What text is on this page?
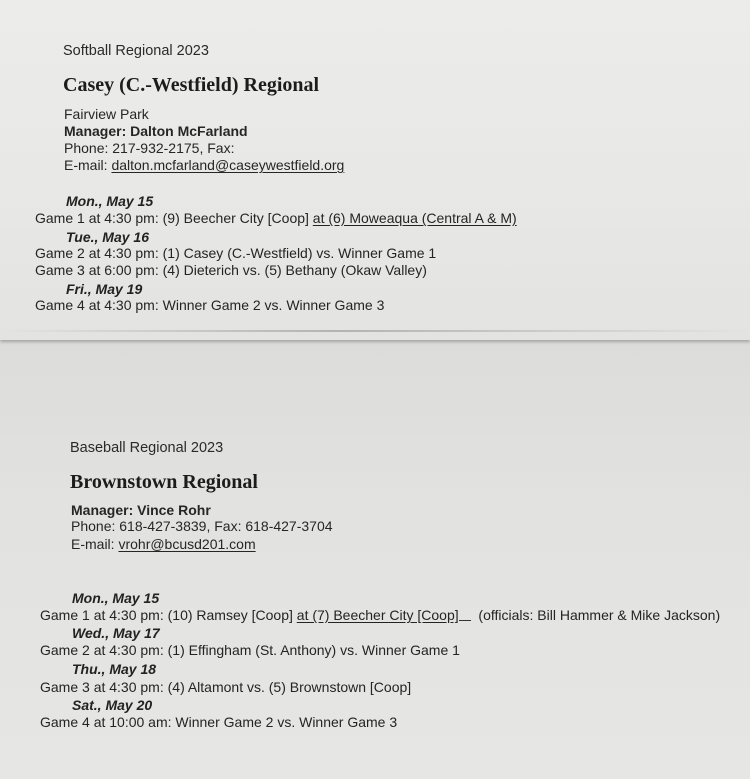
Softball Regional 2023
Casey (C.-Westfield) Regional
Fairview Park
Manager: Dalton McFarland
Phone: 217-932-2175, Fax:
E-mail: dalton.mcfarland@caseywestfield.org
Mon., May 15
Game 1 at 4:30 pm: (9) Beecher City [Coop] at (6) Moweaqua (Central A & M)
Tue., May 16
Game 2 at 4:30 pm: (1) Casey (C.-Westfield) vs. Winner Game 1
Game 3 at 6:00 pm: (4) Dieterich vs. (5) Bethany (Okaw Valley)
Fri., May 19
Game 4 at 4:30 pm: Winner Game 2 vs. Winner Game 3
Baseball Regional 2023
Brownstown Regional
Manager: Vince Rohr
Phone: 618-427-3839, Fax: 618-427-3704
E-mail: vrohr@bcusd201.com
Mon., May 15
Game 1 at 4:30 pm: (10) Ramsey [Coop] at (7) Beecher City [Coop] (officials: Bill Hammer & Mike Jackson)
Wed., May 17
Game 2 at 4:30 pm: (1) Effingham (St. Anthony) vs. Winner Game 1
Thu., May 18
Game 3 at 4:30 pm: (4) Altamont vs. (5) Brownstown [Coop]
Sat., May 20
Game 4 at 10:00 am: Winner Game 2 vs. Winner Game 3
